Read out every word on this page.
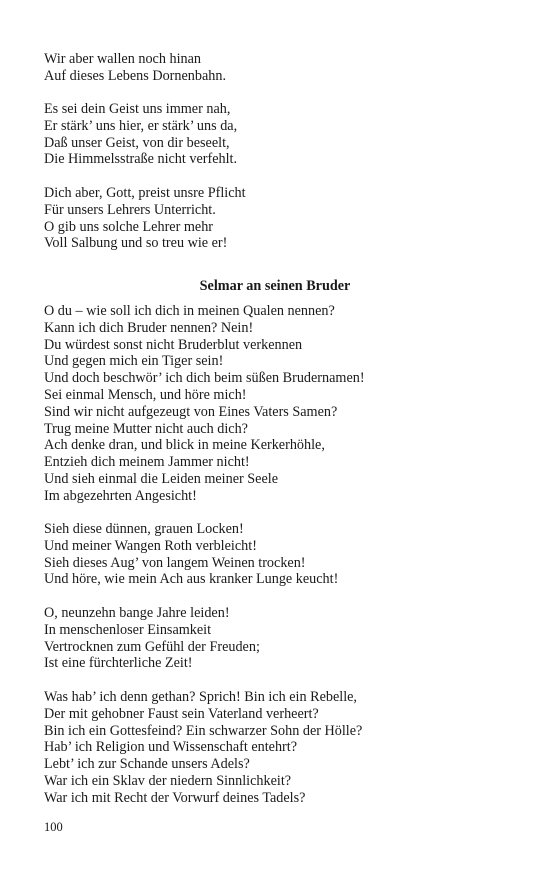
Wir aber wallen noch hinan
Auf dieses Lebens Dornenbahn.
Es sei dein Geist uns immer nah,
Er stärk’ uns hier, er stärk’ uns da,
Daß unser Geist, von dir beseelt,
Die Himmelsstraße nicht verfehlt.
Dich aber, Gott, preist unsre Pflicht
Für unsers Lehrers Unterricht.
O gib uns solche Lehrer mehr
Voll Salbung und so treu wie er!
Selmar an seinen Bruder
O du – wie soll ich dich in meinen Qualen nennen?
Kann ich dich Bruder nennen? Nein!
Du würdest sonst nicht Bruderblut verkennen
Und gegen mich ein Tiger sein!
Und doch beschwör’ ich dich beim süßen Brudernamen!
Sei einmal Mensch, und höre mich!
Sind wir nicht aufgezeugt von Eines Vaters Samen?
Trug meine Mutter nicht auch dich?
Ach denke dran, und blick in meine Kerkerhöhle,
Entzieh dich meinem Jammer nicht!
Und sieh einmal die Leiden meiner Seele
Im abgezehrten Angesicht!
Sieh diese dünnen, grauen Locken!
Und meiner Wangen Roth verbleicht!
Sieh dieses Aug’ von langem Weinen trocken!
Und höre, wie mein Ach aus kranker Lunge keucht!
O, neunzehn bange Jahre leiden!
In menschenloser Einsamkeit
Vertrocknen zum Gefühl der Freuden;
Ist eine fürchterliche Zeit!
Was hab’ ich denn gethan? Sprich! Bin ich ein Rebelle,
Der mit gehobner Faust sein Vaterland verheert?
Bin ich ein Gottesfeind? Ein schwarzer Sohn der Hölle?
Hab’ ich Religion und Wissenschaft entehrt?
Lebt’ ich zur Schande unsers Adels?
War ich ein Sklav der niedern Sinnlichkeit?
War ich mit Recht der Vorwurf deines Tadels?
100
